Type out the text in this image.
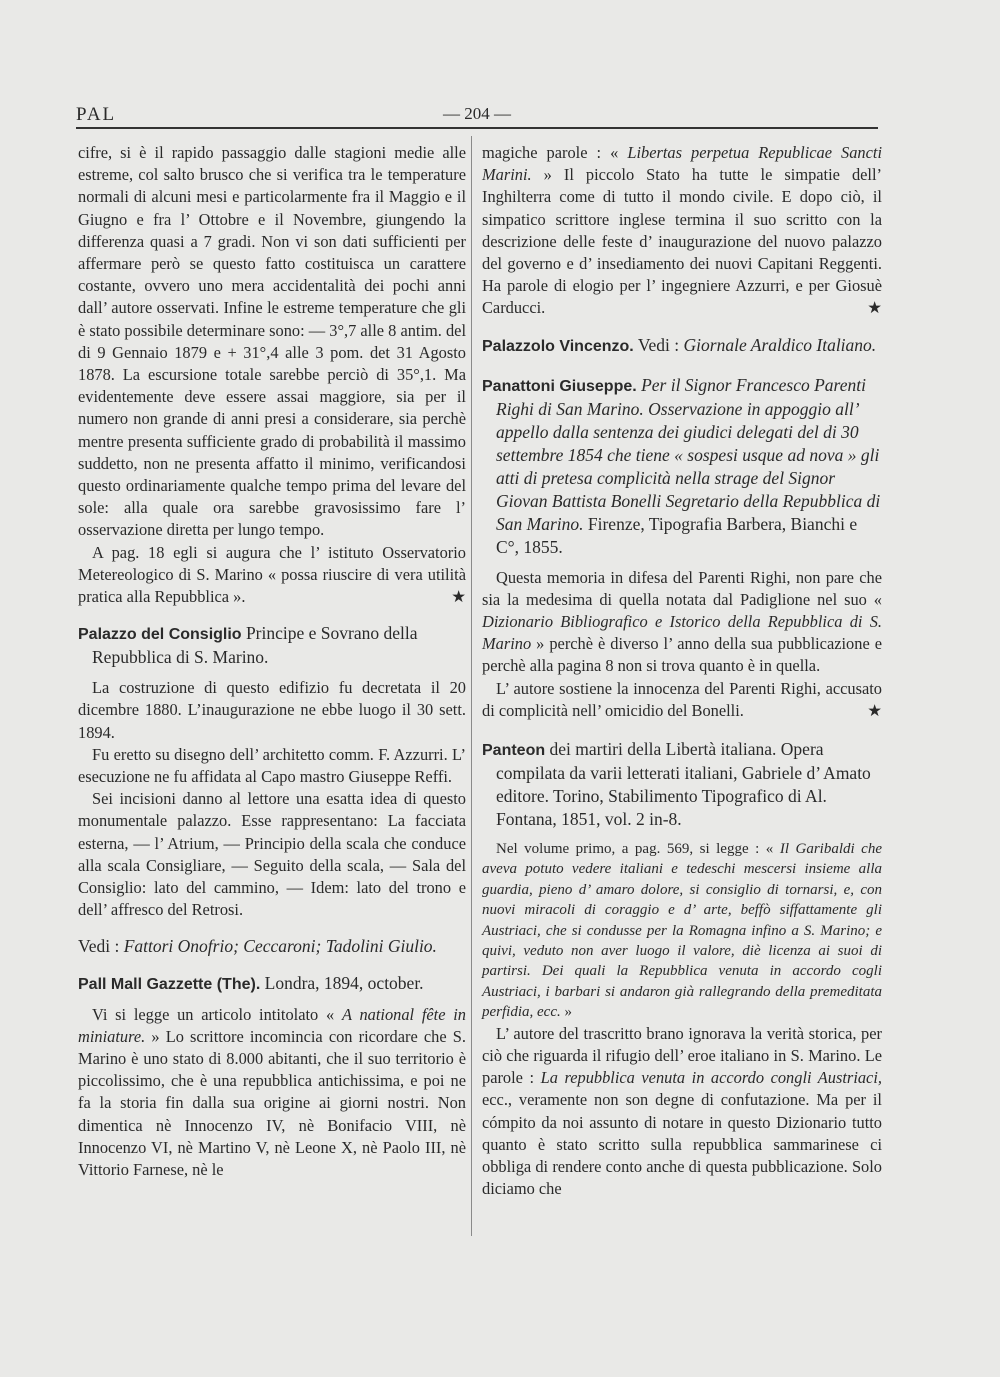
PAL	— 204 —

cifre, si è il rapido passaggio dalle stagioni medie alle estreme, col salto brusco che si verifica tra le temperature normali di alcuni mesi e particolarmente fra il Maggio e il Giugno e fra l’ Ottobre e il Novembre, giungendo la differenza quasi a 7 gradi. Non vi son dati sufficienti per affermare però se questo fatto costituisca un carattere costante, ovvero uno mera accidentalità dei pochi anni dall’ autore osservati. Infine le estreme temperature che gli è stato possibile determinare sono: — 3°,7 alle 8 antim. del di 9 Gennaio 1879 e + 31°,4 alle 3 pom. det 31 Agosto 1878. La escursione totale sarebbe perciò di 35°,1. Ma evidentemente deve essere assai maggiore, sia per il numero non grande di anni presi a considerare, sia perchè mentre presenta sufficiente grado di probabilità il massimo suddetto, non ne presenta affatto il minimo, verificandosi questo ordinariamente qualche tempo prima del levare del sole: alla quale ora sarebbe gravosissimo fare l’ osservazione diretta per lungo tempo.

A pag. 18 egli si augura che l’ istituto Osservatorio Metereologico di S. Marino « possa riuscire di vera utilità pratica alla Repubblica ».	★

Palazzo del Consiglio Principe e Sovrano della Repubblica di S. Marino.

La costruzione di questo edifizio fu decretata il 20 dicembre 1880. L’inaugurazione ne ebbe luogo il 30 sett. 1894.

Fu eretto su disegno dell’ architetto comm. F. Azzurri. L’ esecuzione ne fu affidata al Capo mastro Giuseppe Reffi.

Sei incisioni danno al lettore una esatta idea di questo monumentale palazzo. Esse rappresentano: La facciata esterna, — l’ Atrium, — Principio della scala che conduce alla scala Consigliare, — Seguito della scala, — Sala del Consiglio: lato del cammino, — Idem: lato del trono e dell’ affresco del Retrosi.

Vedi : Fattori Onofrio; Ceccaroni; Tadolini Giulio.

Pall Mall Gazzette (The). Londra, 1894, october.

Vi si legge un articolo intitolato « A national fête in miniature. » Lo scrittore incomincia con ricordare che S. Marino è uno stato di 8.000 abitanti, che il suo territorio è piccolissimo, che è una repubblica antichissima, e poi ne fa la storia fin dalla sua origine ai giorni nostri. Non dimentica nè Innocenzo IV, nè Bonifacio VIII, nè Innocenzo VI, nè Martino V, nè Leone X, nè Paolo III, nè Vittorio Farnese, nè le

magiche parole : « Libertas perpetua Republicae Sancti Marini. » Il piccolo Stato ha tutte le simpatie dell’ Inghilterra come di tutto il mondo civile. E dopo ciò, il simpatico scrittore inglese termina il suo scritto con la descrizione delle feste d’ inaugurazione del nuovo palazzo del governo e d’ insediamento dei nuovi Capitani Reggenti. Ha parole di elogio per l’ ingegniere Azzurri, e per Giosuè Carducci.	★

Palazzolo Vincenzo. Vedi : Giornale Araldico Italiano.
Panattoni Giuseppe. Per il Signor Francesco Parenti Righi di San Marino. Osservazione in appoggio all’ appello dalla sentenza dei giudici delegati del di 30 settembre 1854 che tiene « sospesi usque ad nova » gli atti di pretesa complicità nella strage del Signor Giovan Battista Bonelli Segretario della Repubblica di San Marino. Firenze, Tipografia Barbera, Bianchi e C°, 1855.

Questa memoria in difesa del Parenti Righi, non pare che sia la medesima di quella notata dal Padiglione nel suo « Dizionario Bibliografico e Istorico della Repubblica di S. Marino » perchè è diverso l’ anno della sua pubblicazione e perchè alla pagina 8 non si trova quanto è in quella.

L’ autore sostiene la innocenza del Parenti Righi, accusato di complicità nell’ omicidio del Bonelli.	★

Panteon dei martiri della Libertà italiana. Opera compilata da varii letterati italiani, Gabriele d’ Amato editore. Torino, Stabilimento Tipografico di Al. Fontana, 1851, vol. 2 in-8.

Nel volume primo, a pag. 569, si legge : « Il Garibaldi che aveva potuto vedere italiani e tedeschi mescersi insieme alla guardia, pieno d’ amaro dolore, si consiglio di tornarsi, e, con nuovi miracoli di coraggio e d’ arte, beffò siffattamente gli Austriaci, che si condusse per la Romagna infino a S. Marino; e quivi, veduto non aver luogo il valore, diè licenza ai suoi di partirsi. Dei quali la Repubblica venuta in accordo cogli Austriaci, i barbari si andaron già rallegrando della premeditata perfidia, ecc. »

L’ autore del trascritto brano ignorava la verità storica, per ciò che riguarda il rifugio dell’ eroe italiano in S. Marino. Le parole : La repubblica venuta in accordo congli Austriaci, ecc., veramente non son degne di confutazione. Ma per il cómpito da noi assunto di notare in questo Dizionario tutto quanto è stato scritto sulla repubblica sammarinese ci obbliga di rendere conto anche di questa pubblicazione. Solo diciamo che
